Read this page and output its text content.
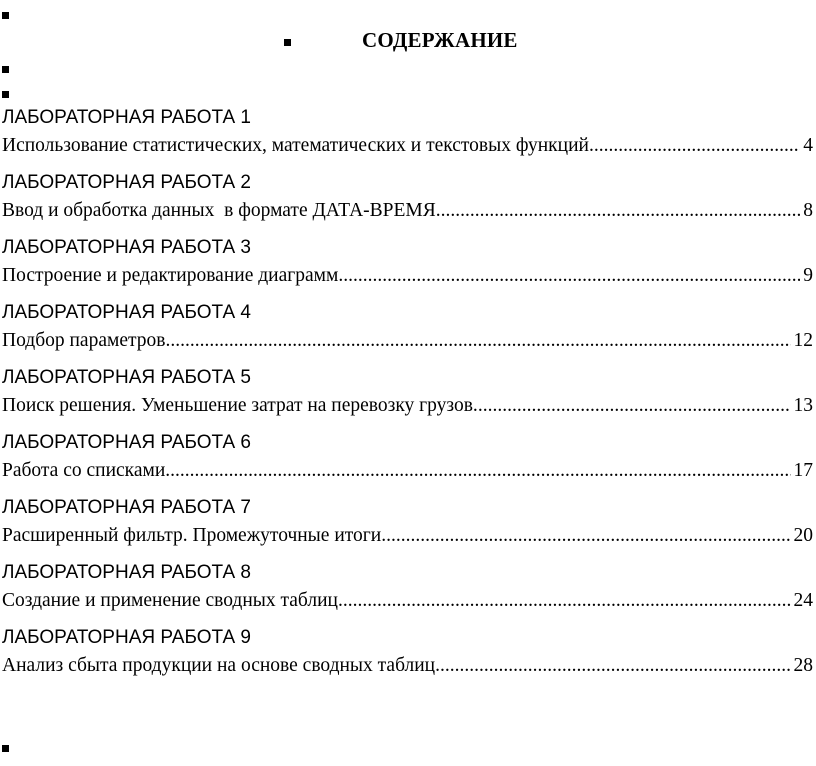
СОДЕРЖАНИЕ
ЛАБОРАТОРНАЯ РАБОТА 1
Использование статистических, математических и текстовых функций. .....	4
ЛАБОРАТОРНАЯ РАБОТА 2
Ввод и обработка данных  в формате ДАТА-ВРЕМЯ .....	8
ЛАБОРАТОРНАЯ РАБОТА 3
Построение и редактирование диаграмм. .....	9
ЛАБОРАТОРНАЯ РАБОТА 4
Подбор параметров. .....	12
ЛАБОРАТОРНАЯ РАБОТА 5
Поиск решения. Уменьшение затрат на перевозку грузов. .....	13
ЛАБОРАТОРНАЯ РАБОТА 6
Работа со списками. .....	17
ЛАБОРАТОРНАЯ РАБОТА 7
Расширенный фильтр. Промежуточные итоги. .....	20
ЛАБОРАТОРНАЯ РАБОТА 8
Создание и применение сводных таблиц. .....	24
ЛАБОРАТОРНАЯ РАБОТА 9
Анализ сбыта продукции на основе сводных таблиц. .....	28
